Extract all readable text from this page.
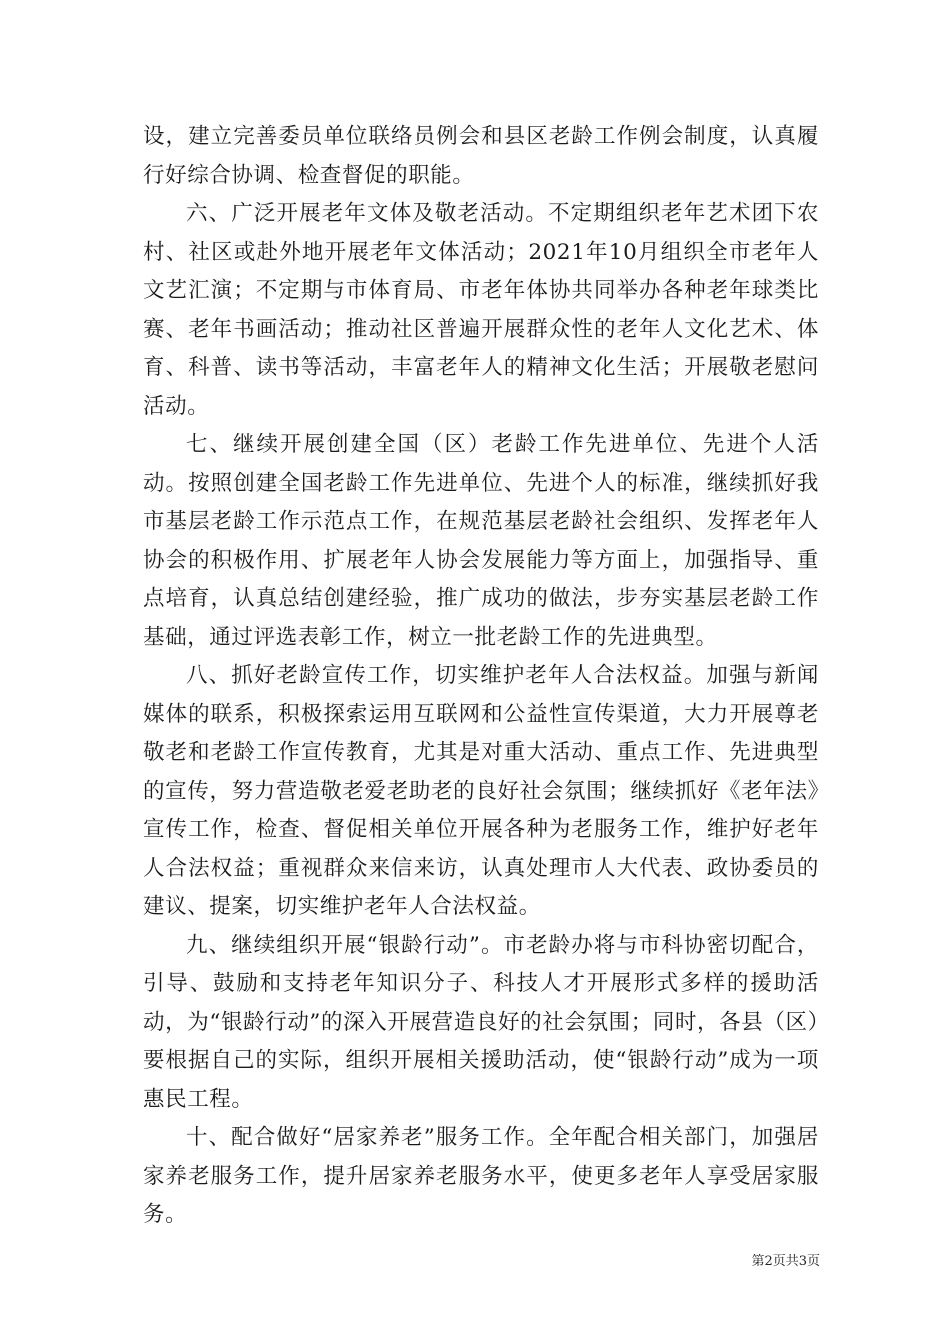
设，建立完善委员单位联络员例会和县区老龄工作例会制度，认真履行好综合协调、检查督促的职能。

六、广泛开展老年文体及敬老活动。不定期组织老年艺术团下农村、社区或赴外地开展老年文体活动；2021年10月组织全市老年人文艺汇演；不定期与市体育局、市老年体协共同举办各种老年球类比赛、老年书画活动；推动社区普遍开展群众性的老年人文化艺术、体育、科普、读书等活动，丰富老年人的精神文化生活；开展敬老慰问活动。

七、继续开展创建全国（区）老龄工作先进单位、先进个人活动。按照创建全国老龄工作先进单位、先进个人的标准，继续抓好我市基层老龄工作示范点工作，在规范基层老龄社会组织、发挥老年人协会的积极作用、扩展老年人协会发展能力等方面上，加强指导、重点培育，认真总结创建经验，推广成功的做法，步夯实基层老龄工作基础，通过评选表彰工作，树立一批老龄工作的先进典型。

八、抓好老龄宣传工作，切实维护老年人合法权益。加强与新闻媒体的联系，积极探索运用互联网和公益性宣传渠道，大力开展尊老敬老和老龄工作宣传教育，尤其是对重大活动、重点工作、先进典型的宣传，努力营造敬老爱老助老的良好社会氛围；继续抓好《老年法》宣传工作，检查、督促相关单位开展各种为老服务工作，维护好老年人合法权益；重视群众来信来访，认真处理市人大代表、政协委员的建议、提案，切实维护老年人合法权益。

九、继续组织开展“银龄行动”。市老龄办将与市科协密切配合，引导、鼓励和支持老年知识分子、科技人才开展形式多样的援助活动，为“银龄行动”的深入开展营造良好的社会氛围；同时，各县（区）要根据自己的实际，组织开展相关援助活动，使“银龄行动”成为一项惠民工程。

十、配合做好“居家养老”服务工作。全年配合相关部门，加强居家养老服务工作，提升居家养老服务水平，使更多老年人享受居家服务。

第2页共3页
